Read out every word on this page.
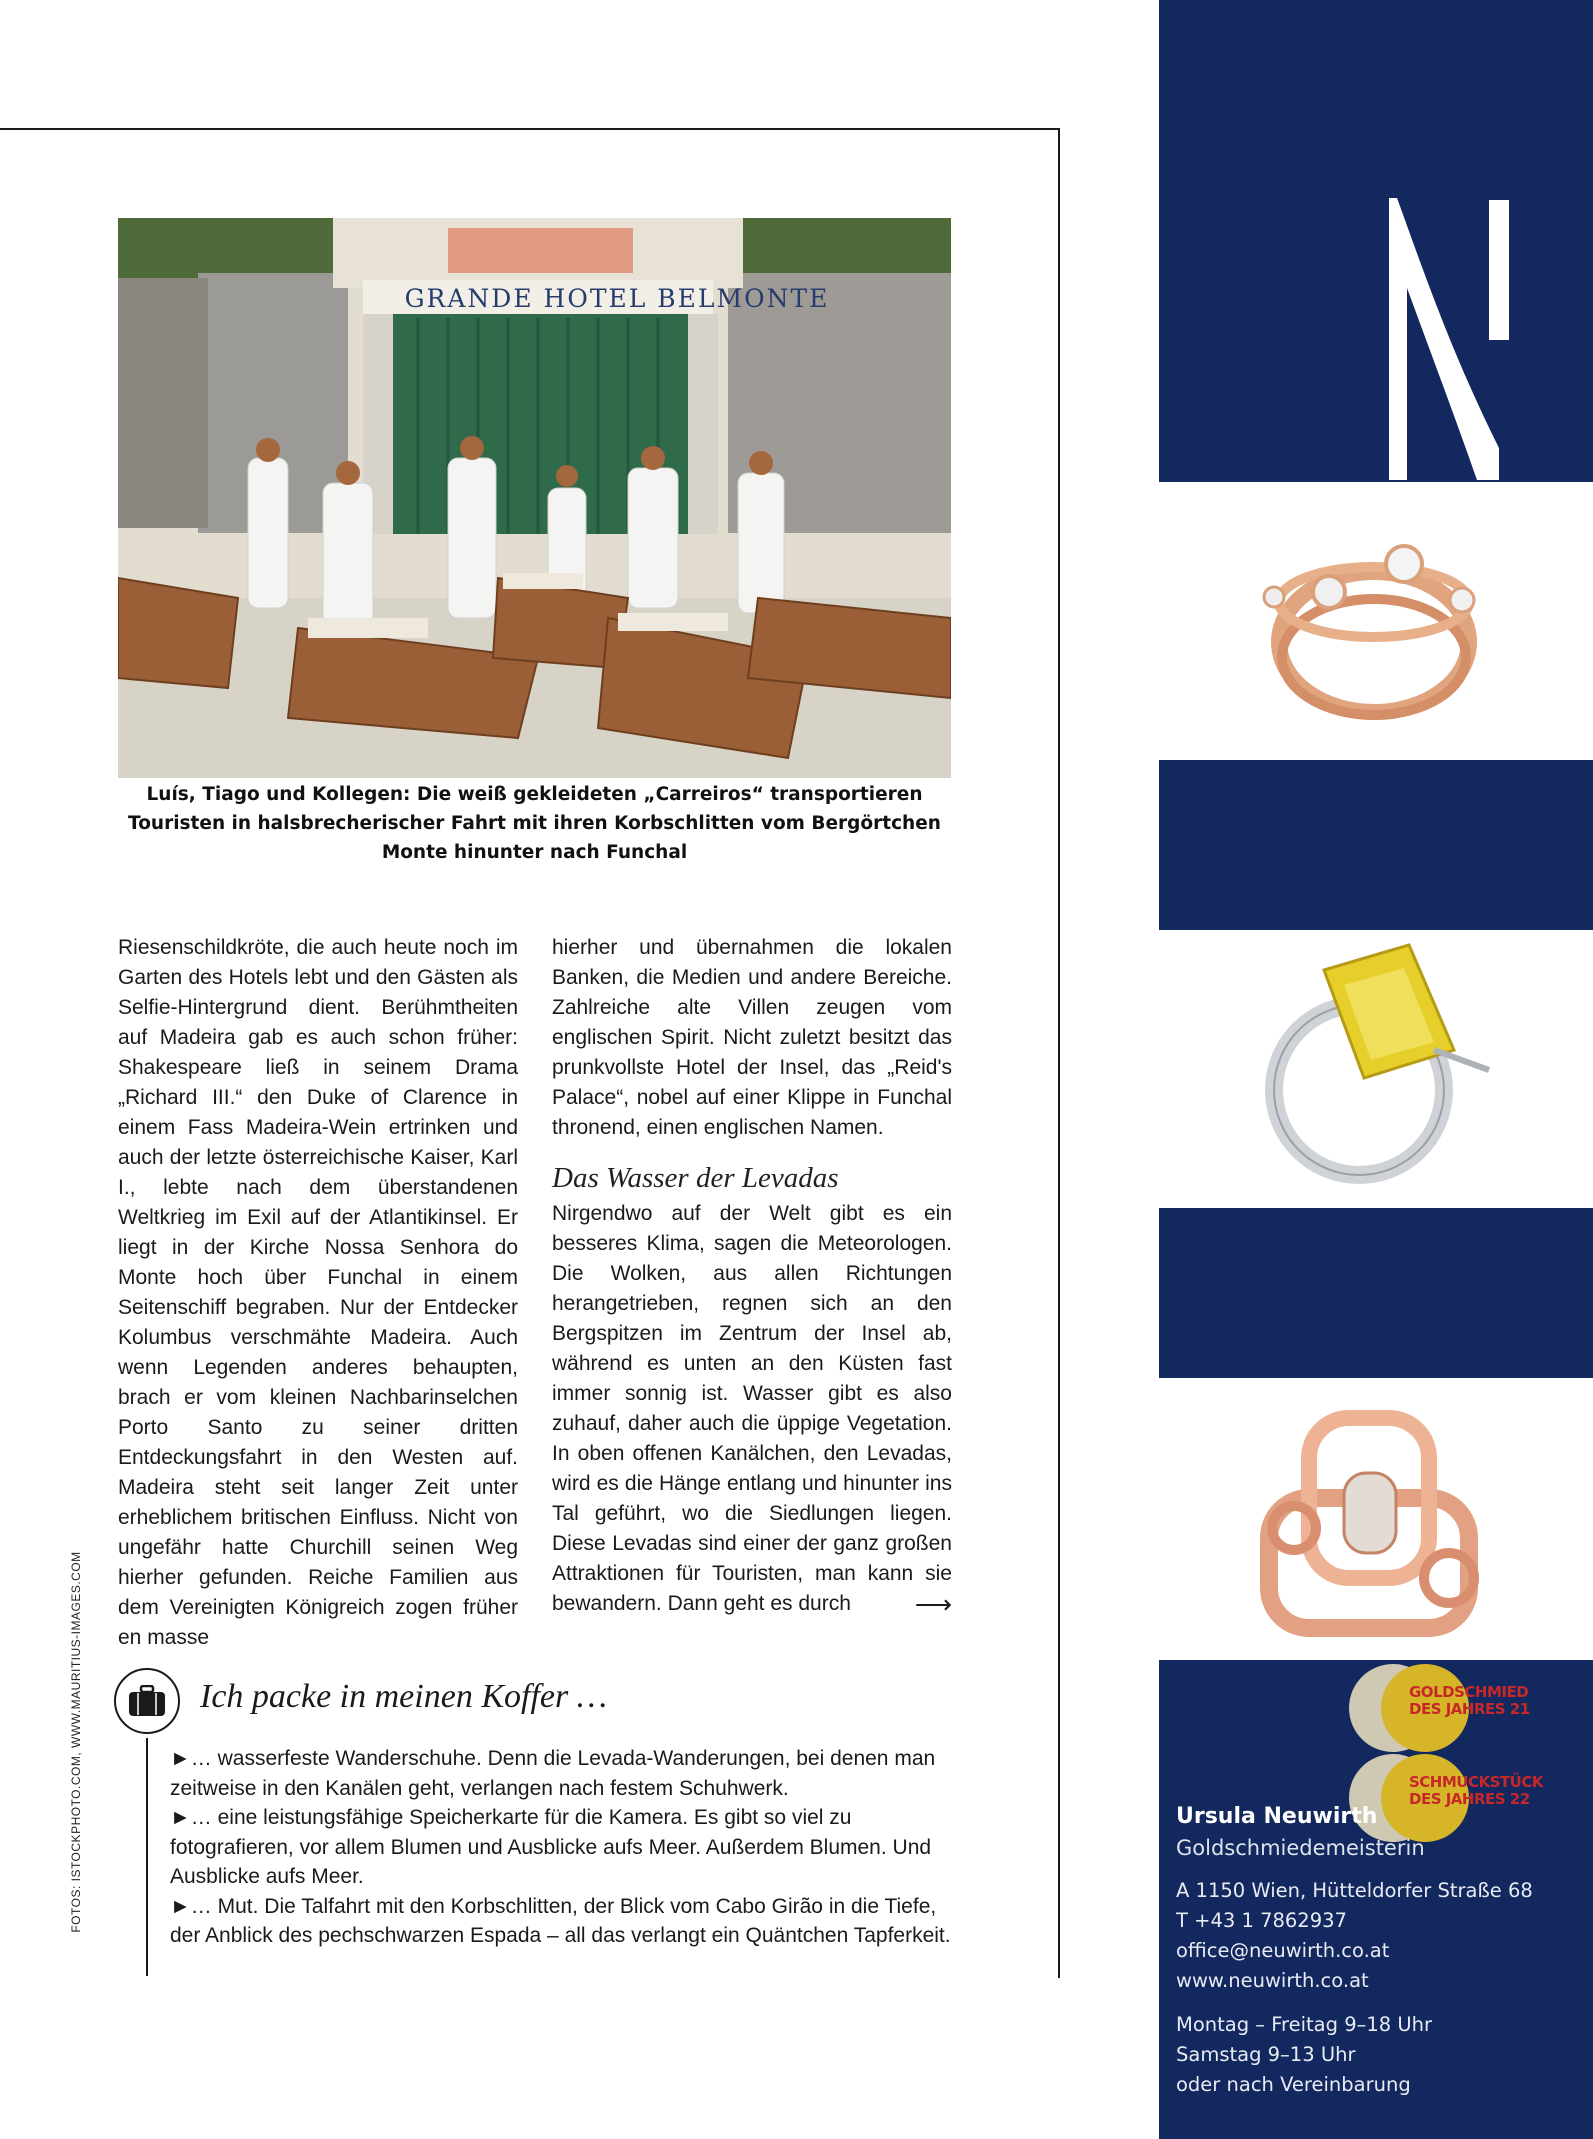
GRANDE HOTEL BELMONTE
Luís, Tiago und Kollegen: Die weiß gekleideten „Carreiros“ transportieren Touristen in halsbrecherischer Fahrt mit ihren Korbschlitten vom Bergörtchen Monte hinunter nach Funchal

Riesenschildkröte, die auch heute noch im Garten des Hotels lebt und den Gästen als Selfie-Hintergrund dient. Berühmtheiten auf Madeira gab es auch schon früher: Shakespeare ließ in seinem Drama „Richard III.“ den Duke of Clarence in einem Fass Madeira-Wein ertrinken und auch der letzte österreichische Kaiser, Karl I., lebte nach dem überstandenen Weltkrieg im Exil auf der Atlantikinsel. Er liegt in der Kirche Nossa Senhora do Monte hoch über Funchal in einem Seitenschiff begraben. Nur der Entdecker Kolumbus verschmähte Madeira. Auch wenn Legenden anderes behaupten, brach er vom kleinen Nachbarinselchen Porto Santo zu seiner dritten Entdeckungsfahrt in den Westen auf. Madeira steht seit langer Zeit unter erheblichem britischen Einfluss. Nicht von ungefähr hatte Churchill seinen Weg hierher gefunden. Reiche Familien aus dem Vereinigten Königreich zogen früher en masse

hierher und übernahmen die lokalen Banken, die Medien und andere Bereiche. Zahlreiche alte Villen zeugen vom englischen Spirit. Nicht zuletzt besitzt das prunkvollste Hotel der Insel, das „Reid's Palace“, nobel auf einer Klippe in Funchal thronend, einen englischen Namen.

Das Wasser der Levadas

Nirgendwo auf der Welt gibt es ein besseres Klima, sagen die Meteorologen. Die Wolken, aus allen Richtungen herangetrieben, regnen sich an den Bergspitzen im Zentrum der Insel ab, während es unten an den Küsten fast immer sonnig ist. Wasser gibt es also zuhauf, daher auch die üppige Vegetation. In oben offenen Kanälchen, den Levadas, wird es die Hänge entlang und hinunter ins Tal geführt, wo die Siedlungen liegen. Diese Levadas sind einer der ganz großen Attraktionen für Touristen, man kann sie bewandern. Dann geht es durch ⟶

FOTOS: ISTOCKPHOTO.COM, WWW.MAURITIUS-IMAGES.COM	Ich packe in meinen Koffer …

►… wasserfeste Wanderschuhe. Denn die Levada-Wanderungen, bei denen man zeitweise in den Kanälen geht, verlangen nach festem Schuhwerk.

►… eine leistungsfähige Speicherkarte für die Kamera. Es gibt so viel zu fotografieren, vor allem Blumen und Ausblicke aufs Meer. Außerdem Blumen. Und Ausblicke aufs Meer.

►… Mut. Die Talfahrt mit den Korbschlitten, der Blick vom Cabo Girão in die Tiefe, der Anblick des pechschwarzen Espada – all das verlangt ein Quäntchen Tapferkeit.

GOLDSCHMIED
DES JAHRES 21
SCHMUCKSTÜCK
DES JAHRES 22
Ursula Neuwirth
Goldschmiedemeisterin

A 1150 Wien, Hütteldorfer Straße 68

T +43 1 7862937

office@neuwirth.co.at

www.neuwirth.co.at

Montag – Freitag 9–18 Uhr

Samstag 9–13 Uhr

oder nach Vereinbarung
